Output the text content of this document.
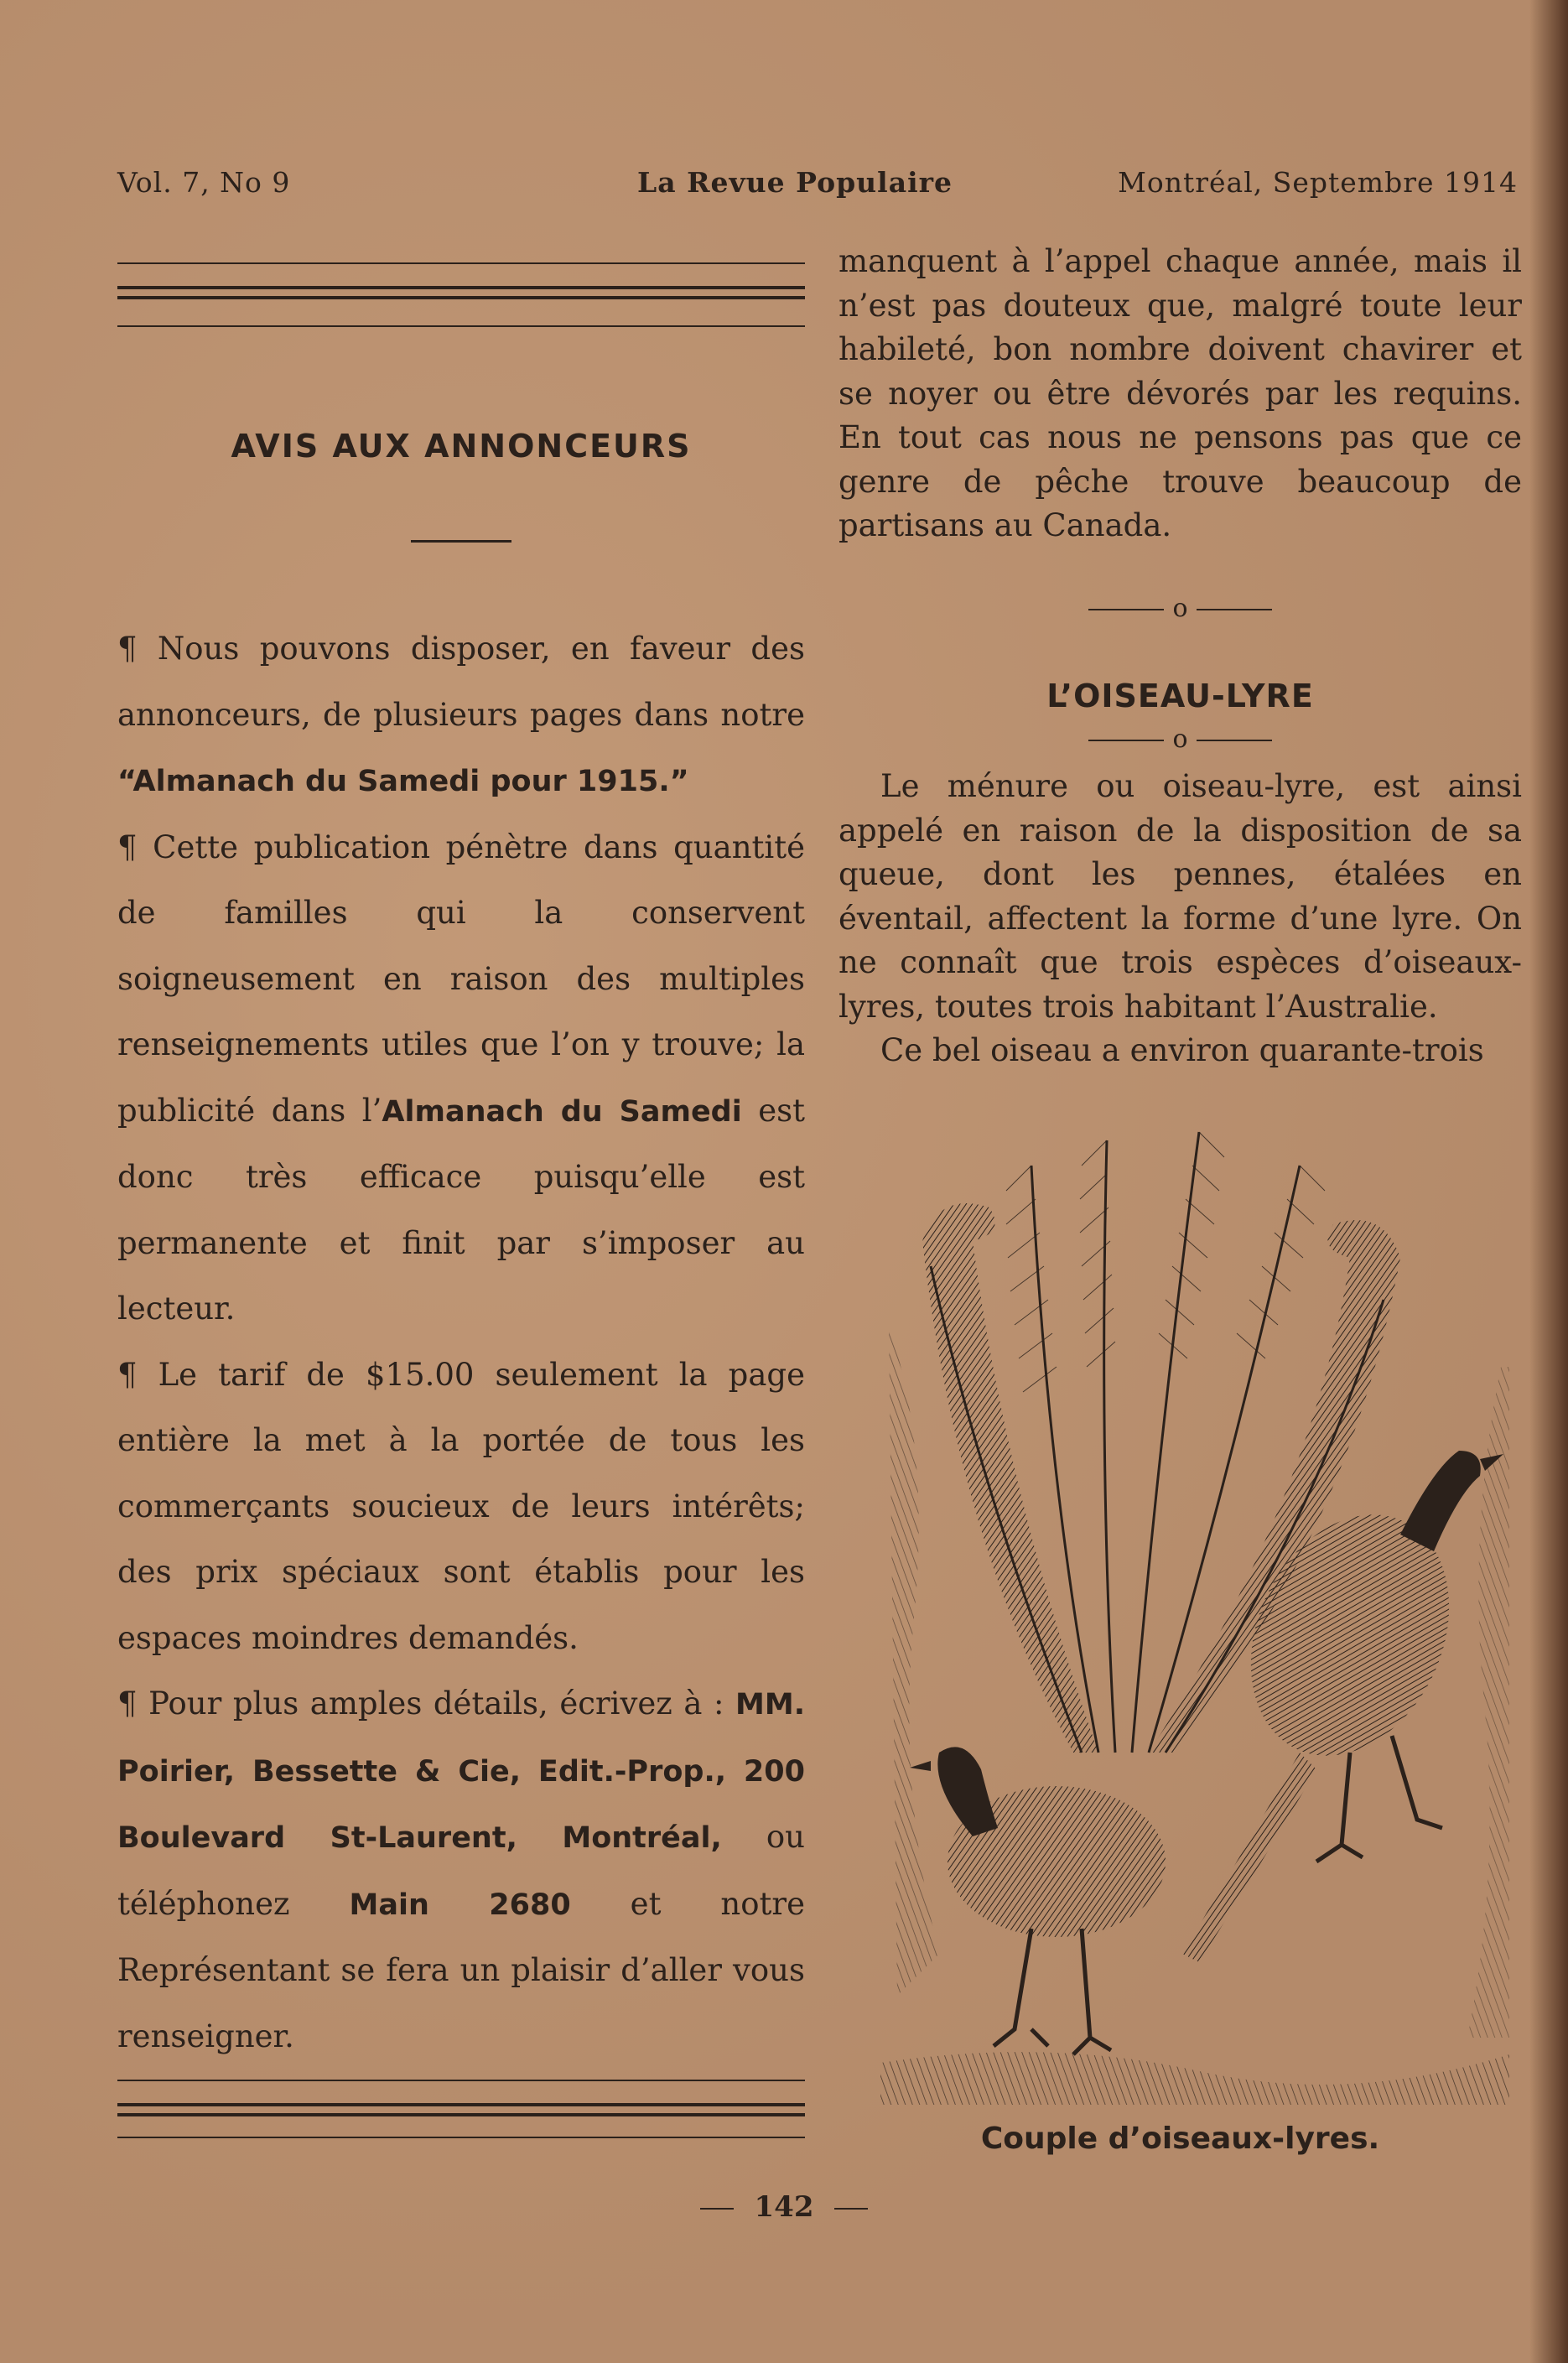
Vol. 7, No 9	La Revue Populaire	Montréal, Septembre 1914
AVIS AUX ANNONCEURS

¶ Nous pouvons disposer, en faveur des annonceurs, de plusieurs pages dans notre “Almanach du Samedi pour 1915.”

¶ Cette publication pénètre dans quantité de familles qui la conservent soigneusement en raison des multiples renseignements utiles que l’on y trouve; la publicité dans l’Almanach du Samedi est donc très efficace puisqu’elle est permanente et finit par s’imposer au lecteur.

¶ Le tarif de $15.00 seulement la page entière la met à la portée de tous les commerçants soucieux de leurs intérêts; des prix spéciaux sont établis pour les espaces moindres demandés.

¶ Pour plus amples détails, écrivez à : MM. Poirier, Bessette & Cie, Edit.-Prop., 200 Boulevard St-Laurent, Montréal, ou téléphonez Main 2680 et notre Représentant se fera un plaisir d’aller vous renseigner.

manquent à l’appel chaque année, mais il n’est pas douteux que, malgré toute leur habileté, bon nombre doivent chavirer et se noyer ou être dévorés par les requins. En tout cas nous ne pensons pas que ce genre de pêche trouve beaucoup de partisans au Canada.

o
L’OISEAU-LYRE
o

Le ménure ou oiseau-lyre, est ainsi appelé en raison de la disposition de sa queue, dont les pennes, étalées en éventail, affectent la forme d’une lyre. On ne connaît que trois espèces d’oiseaux-lyres, toutes trois habitant l’Australie.

Ce bel oiseau a environ quarante-trois

Couple d’oiseaux-lyres.
142
